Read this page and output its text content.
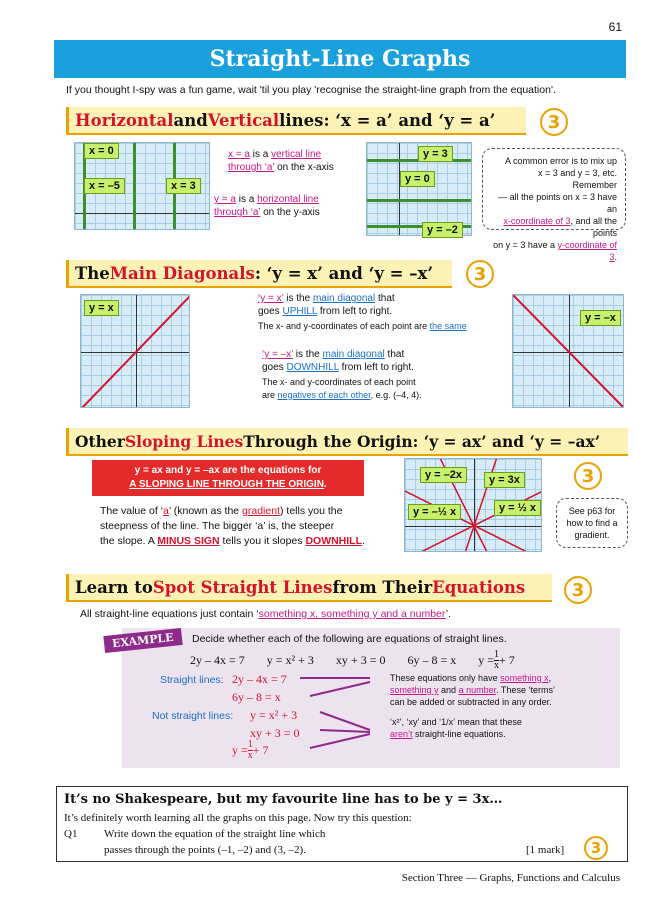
61
Straight-Line Graphs
If you thought I-spy was a fun game, wait 'til you play 'recognise the straight-line graph from the equation'.
Horizontal and Vertical lines: ‘x = a’ and ‘y = a’	3
x = 0
x = –5	x = 3
x = a is a vertical line
through ‘a’ on the x-axis
y = a is a horizontal line
through ‘a’ on the y-axis
y = 3
y = 0
y = –2
A common error is to mix up
x = 3 and y = 3, etc. Remember
— all the points on x = 3 have an
x-coordinate of 3, and all the points
on y = 3 have a y-coordinate of 3.
The Main Diagonals : ‘y = x’ and ‘y = –x’	3
y = x
‘y = x’ is the main diagonal that
goes UPHILL from left to right.
The x- and y-coordinates of each point are the same
‘y = –x’ is the main diagonal that
goes DOWNHILL from left to right.
The x- and y-coordinates of each point
are negatives of each other, e.g. (–4, 4).
y = –x
Other Sloping Lines Through the Origin: ‘y = ax’ and ‘y = –ax’
y = ax and y = –ax are the equations for
A SLOPING LINE THROUGH THE ORIGIN.
The value of ‘a’ (known as the gradient) tells you the
steepness of the line. The bigger ‘a’ is, the steeper
the slope. A MINUS SIGN tells you it slopes DOWNHILL.
y = –2x	y = 3x
y = –½ x	y = ½ x
3
See p63 for
how to find a
gradient.
Learn to Spot Straight Lines from Their Equations	3
All straight-line equations just contain ‘something x, something y and a number’.
EXAMPLE	Decide whether each of the following are equations of straight lines.
2y – 4x = 7 y = x² + 3 xy + 3 = 0 6y – 8 = x $y = \frac{1}{x} + 7$
Straight lines: 2y – 4x = 7
6y – 8 = x
Not straight lines: y = x² + 3
xy + 3 = 0
$y = \frac{1}{x} + 7$
These equations only have something x,
something y and a number. These ‘terms’
can be added or subtracted in any order.
‘x²’, ‘xy’ and ‘1/x’ mean that these
aren’t straight-line equations.
It’s no Shakespeare, but my favourite line has to be y = 3x…
It’s definitely worth learning all the graphs on this page. Now try this question:
Q1 Write down the equation of the straight line which
passes through the points (–1, –2) and (3, –2).	[1 mark]	3
Section Three — Graphs, Functions and Calculus
